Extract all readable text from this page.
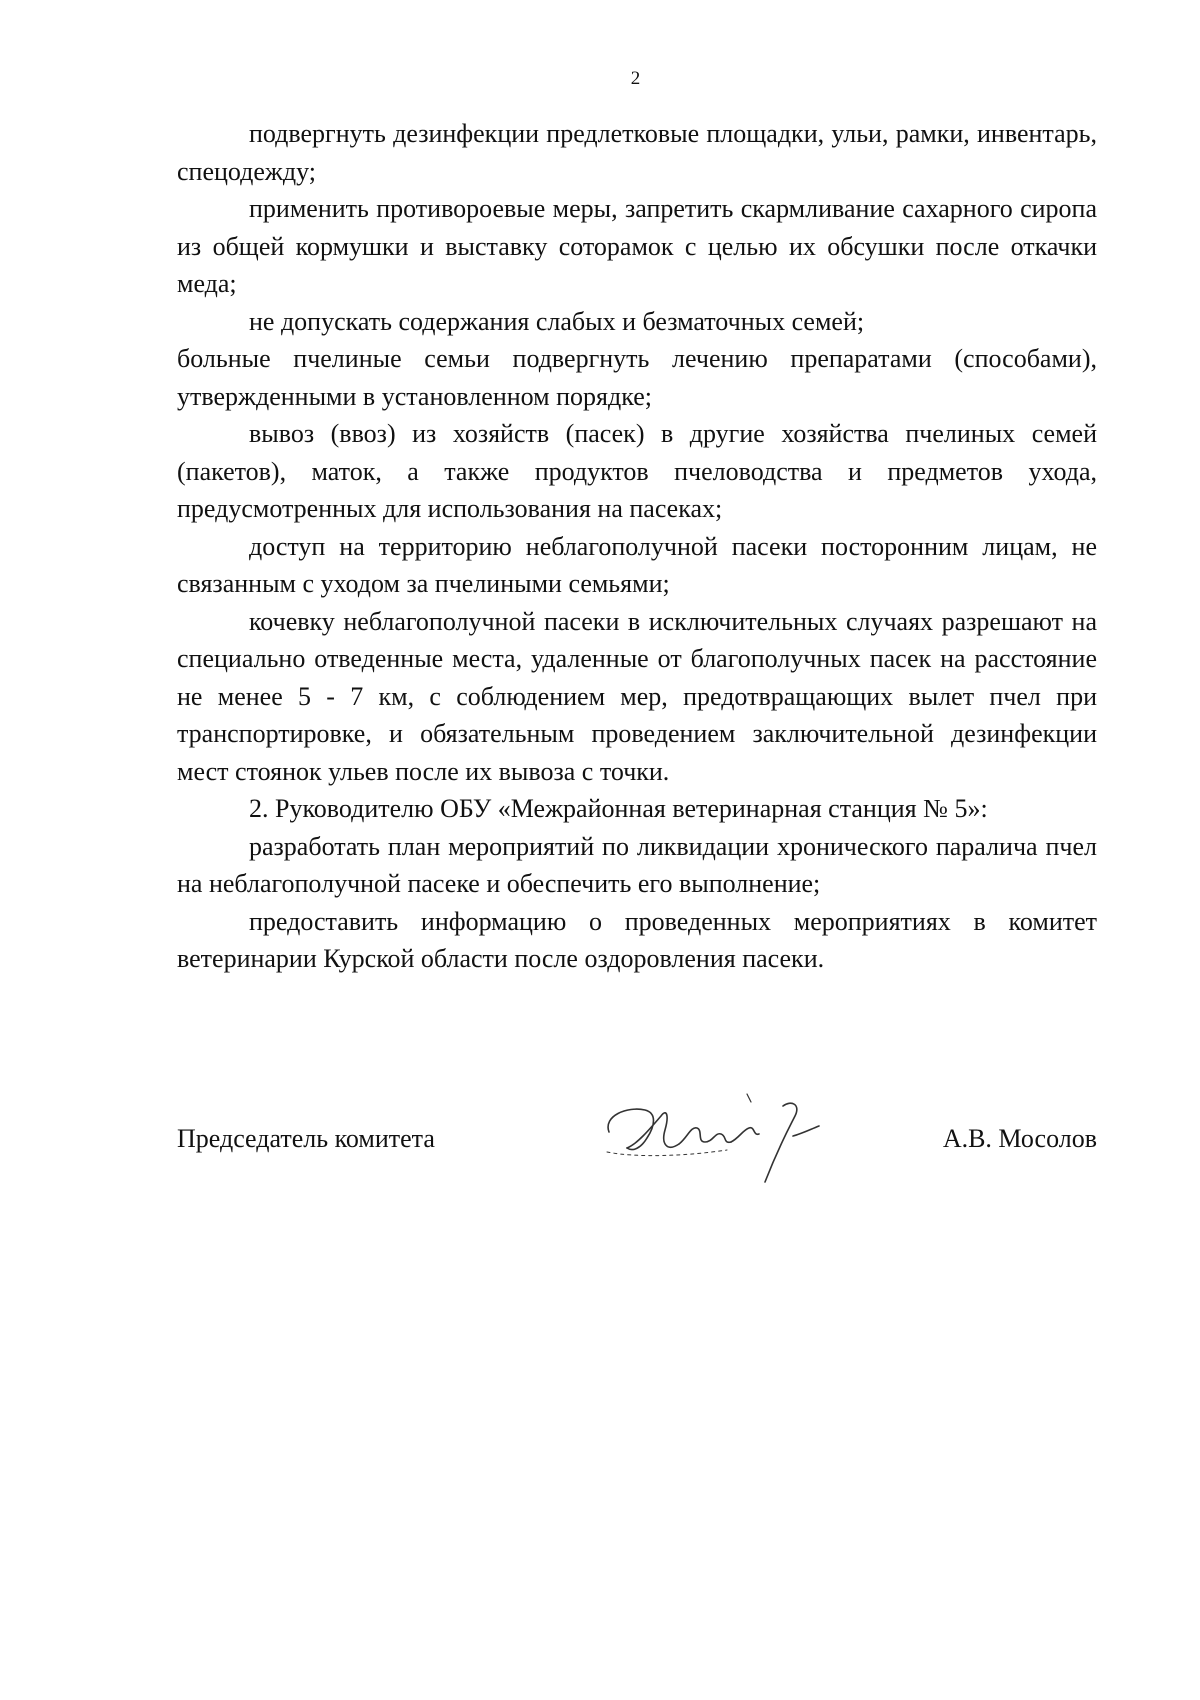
2

подвергнуть дезинфекции предлетковые площадки, ульи, рамки, инвентарь, спецодежду;

применить противороевые меры, запретить скармливание сахарного сиропа из общей кормушки и выставку соторамок с целью их обсушки после откачки меда;

не допускать содержания слабых и безматочных семей;

больные пчелиные семьи подвергнуть лечению препаратами (способами), утвержденными в установленном порядке;

вывоз (ввоз) из хозяйств (пасек) в другие хозяйства пчелиных семей (пакетов), маток, а также продуктов пчеловодства и предметов ухода, предусмотренных для использования на пасеках;

доступ на территорию неблагополучной пасеки посторонним лицам, не связанным с уходом за пчелиными семьями;

кочевку неблагополучной пасеки в исключительных случаях разрешают на специально отведенные места, удаленные от благополучных пасек на расстояние не менее 5 - 7 км, с соблюдением мер, предотвращающих вылет пчел при транспортировке, и обязательным проведением заключительной дезинфекции мест стоянок ульев после их вывоза с точки.

2. Руководителю ОБУ «Межрайонная ветеринарная станция № 5»:

разработать план мероприятий по ликвидации хронического паралича пчел на неблагополучной пасеке и обеспечить его выполнение;

предоставить информацию о проведенных мероприятиях в комитет ветеринарии Курской области после оздоровления пасеки.

Председатель комитета	А.В. Мосолов
